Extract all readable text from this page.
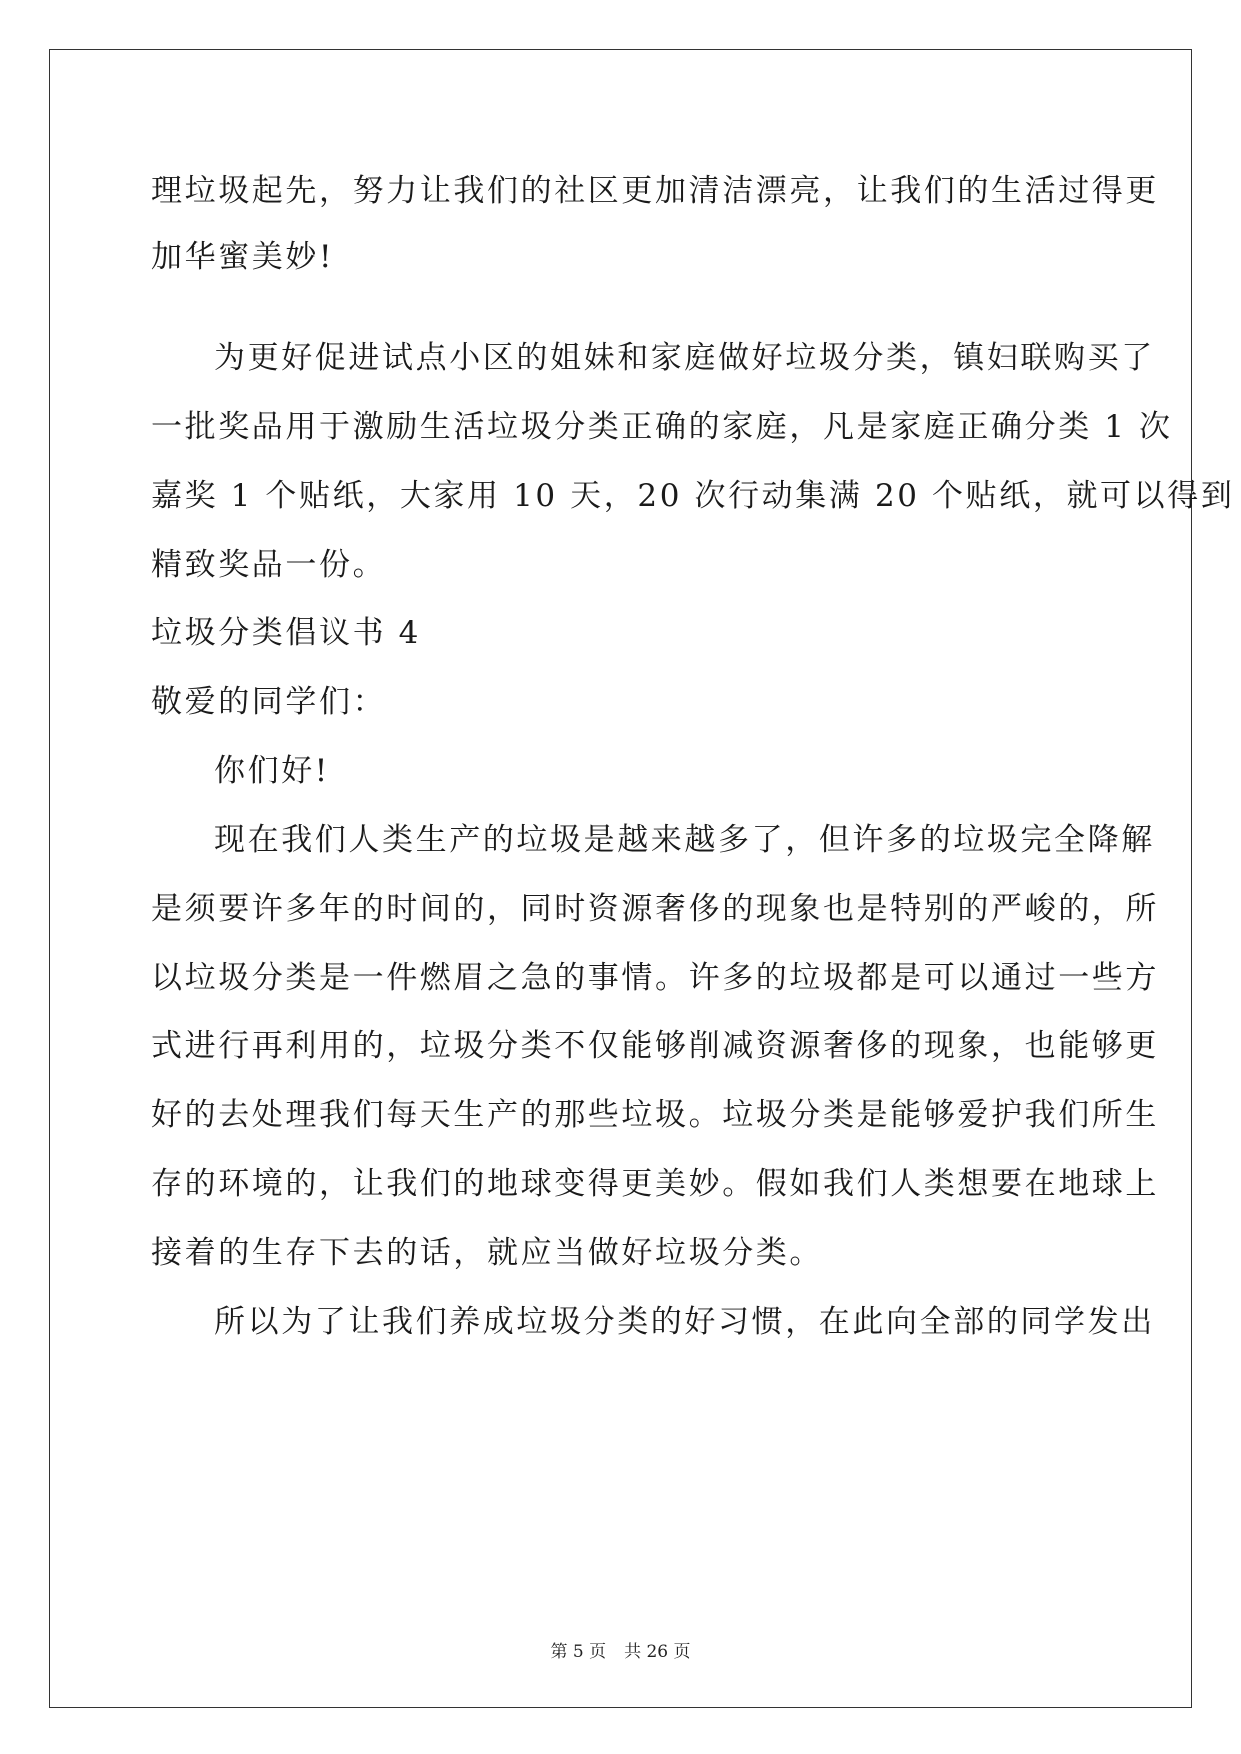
理垃圾起先，努力让我们的社区更加清洁漂亮，让我们的生活过得更
加华蜜美妙!
为更好促进试点小区的姐妹和家庭做好垃圾分类，镇妇联购买了
一批奖品用于激励生活垃圾分类正确的家庭，凡是家庭正确分类 1 次
嘉奖 1 个贴纸，大家用 10 天，20 次行动集满 20 个贴纸，就可以得到
精致奖品一份。
垃圾分类倡议书 4
敬爱的同学们：
你们好!
现在我们人类生产的垃圾是越来越多了，但许多的垃圾完全降解
是须要许多年的时间的，同时资源奢侈的现象也是特别的严峻的，所
以垃圾分类是一件燃眉之急的事情。许多的垃圾都是可以通过一些方
式进行再利用的，垃圾分类不仅能够削减资源奢侈的现象，也能够更
好的去处理我们每天生产的那些垃圾。垃圾分类是能够爱护我们所生
存的环境的，让我们的地球变得更美妙。假如我们人类想要在地球上
接着的生存下去的话，就应当做好垃圾分类。
所以为了让我们养成垃圾分类的好习惯，在此向全部的同学发出
第 5 页 共 26 页
